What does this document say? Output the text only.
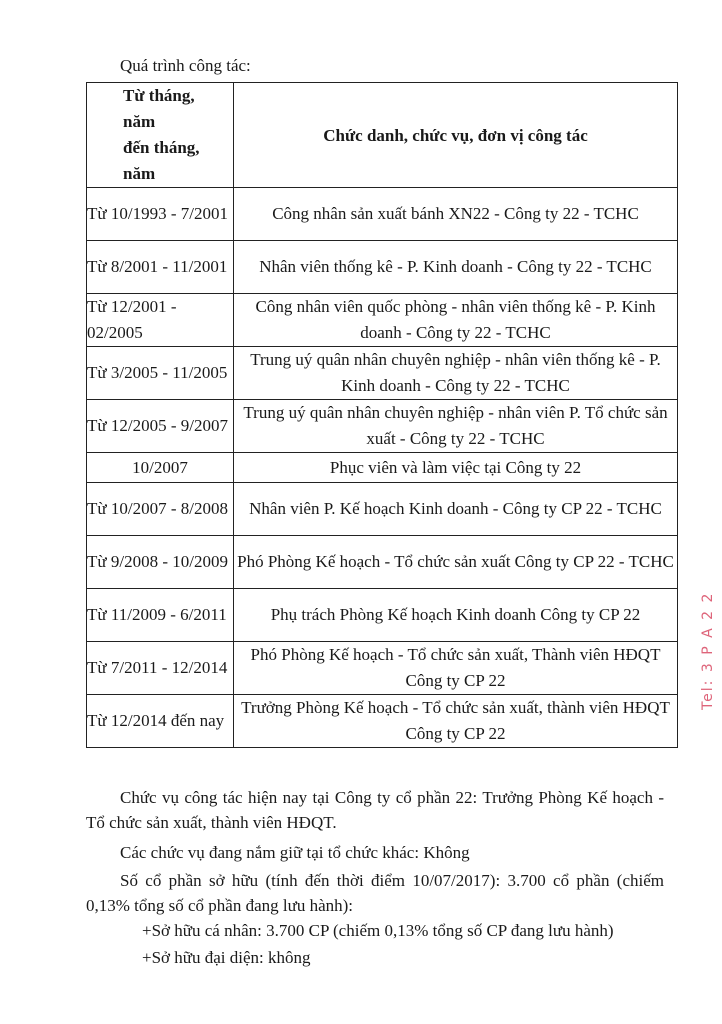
Quá trình công tác:
Từ tháng,
năm
đến tháng,
năm	Chức danh, chức vụ, đơn vị công tác
Từ 10/1993 - 7/2001	Công nhân sản xuất bánh XN22 - Công ty 22 - TCHC
Từ 8/2001 - 11/2001	Nhân viên thống kê - P. Kinh doanh - Công ty 22 - TCHC
Từ 12/2001 - 02/2005	Công nhân viên quốc phòng - nhân viên thống kê - P. Kinh doanh - Công ty 22 - TCHC
Từ 3/2005 - 11/2005	Trung uý quân nhân chuyên nghiệp - nhân viên thống kê - P. Kinh doanh - Công ty 22 - TCHC
Từ 12/2005 - 9/2007	Trung uý quân nhân chuyên nghiệp - nhân viên P. Tổ chức sản xuất - Công ty 22 - TCHC
10/2007	Phục viên và làm việc tại Công ty 22
Từ 10/2007 - 8/2008	Nhân viên P. Kế hoạch Kinh doanh - Công ty CP 22 - TCHC
Từ 9/2008 - 10/2009	Phó Phòng Kế hoạch - Tổ chức sản xuất Công ty CP 22 - TCHC
Từ 11/2009 - 6/2011	Phụ trách Phòng Kế hoạch Kinh doanh Công ty CP 22
Từ 7/2011 - 12/2014	Phó Phòng Kế hoạch - Tổ chức sản xuất, Thành viên HĐQT Công ty CP 22
Từ 12/2014 đến nay	Trưởng Phòng Kế hoạch - Tổ chức sản xuất, thành viên HĐQT Công ty CP 22
Chức vụ công tác hiện nay tại Công ty cổ phần 22: Trưởng Phòng Kế hoạch - Tổ chức sản xuất, thành viên HĐQT.
Các chức vụ đang nắm giữ tại tổ chức khác: Không
Số cổ phần sở hữu (tính đến thời điểm 10/07/2017): 3.700 cổ phần (chiếm 0,13% tổng số cổ phần đang lưu hành):
+Sở hữu cá nhân: 3.700 CP (chiếm 0,13% tổng số CP đang lưu hành)
+Sở hữu đại diện: không
Tel: 3 P A 2 2
